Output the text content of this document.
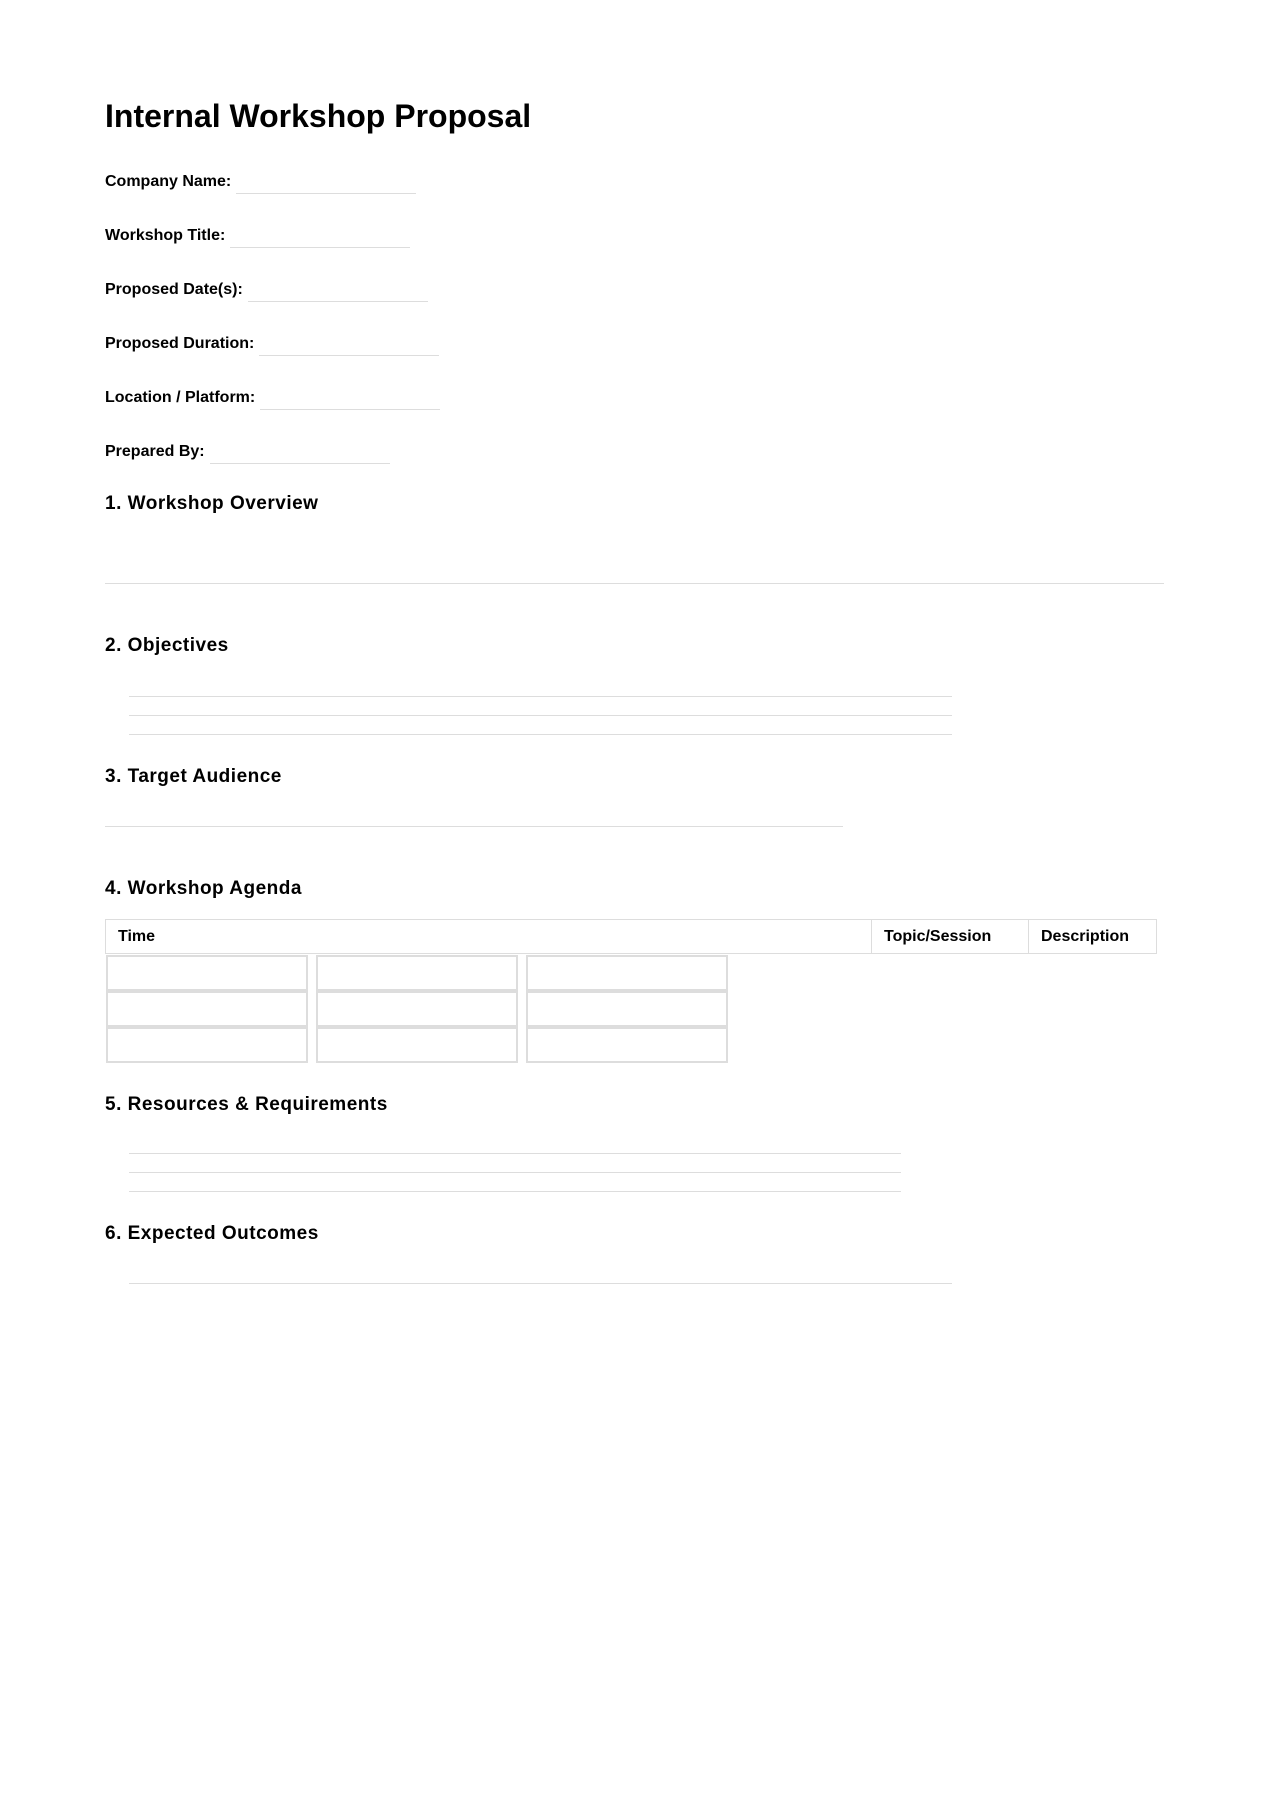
Internal Workshop Proposal
Company Name:
Workshop Title:
Proposed Date(s):
Proposed Duration:
Location / Platform:
Prepared By:
1. Workshop Overview
2. Objectives
3. Target Audience
4. Workshop Agenda
Time	Topic/Session	Description
5. Resources & Requirements
6. Expected Outcomes
